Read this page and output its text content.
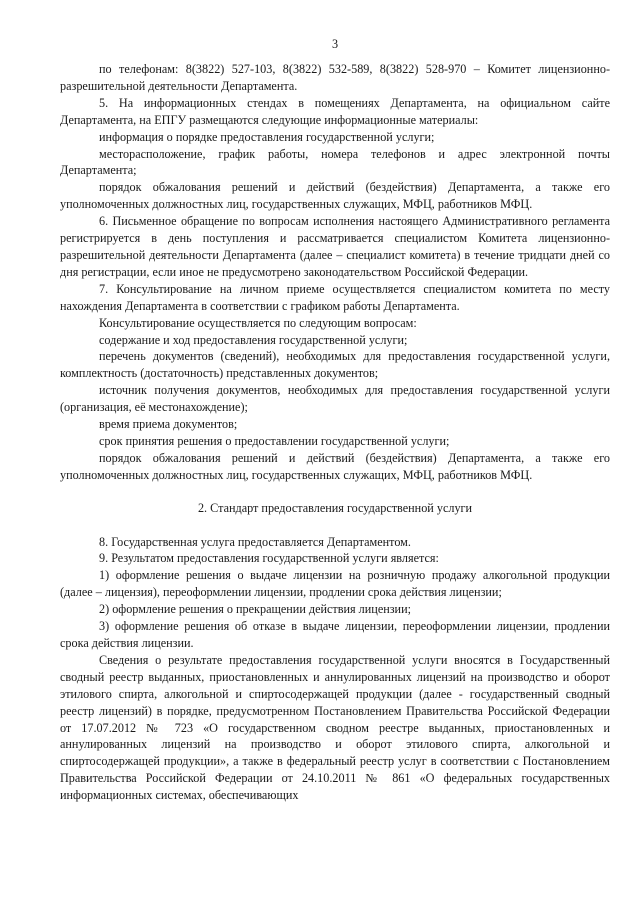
3

по телефонам: 8(3822) 527-103, 8(3822) 532-589, 8(3822) 528-970 – Комитет лицензионно-разрешительной деятельности Департамента.

5. На информационных стендах в помещениях Департамента, на официальном сайте Департамента, на ЕПГУ размещаются следующие информационные материалы:

информация о порядке предоставления государственной услуги;

месторасположение, график работы, номера телефонов и адрес электронной почты Департамента;

порядок обжалования решений и действий (бездействия) Департамента, а также его уполномоченных должностных лиц, государственных служащих, МФЦ, работников МФЦ.

6. Письменное обращение по вопросам исполнения настоящего Административного регламента регистрируется в день поступления и рассматривается специалистом Комитета лицензионно-разрешительной деятельности Департамента (далее – специалист комитета) в течение тридцати дней со дня регистрации, если иное не предусмотрено законодательством Российской Федерации.

7. Консультирование на личном приеме осуществляется специалистом комитета по месту нахождения Департамента в соответствии с графиком работы Департамента.

Консультирование осуществляется по следующим вопросам:

содержание и ход предоставления государственной услуги;

перечень документов (сведений), необходимых для предоставления государственной услуги, комплектность (достаточность) представленных документов;

источник получения документов, необходимых для предоставления государственной услуги (организация, её местонахождение);

время приема документов;

срок принятия решения о предоставлении государственной услуги;

порядок обжалования решений и действий (бездействия) Департамента, а также его уполномоченных должностных лиц, государственных служащих, МФЦ, работников МФЦ.

2. Стандарт предоставления государственной услуги

8. Государственная услуга предоставляется Департаментом.

9. Результатом предоставления государственной услуги является:

1) оформление решения о выдаче лицензии на розничную продажу алкогольной продукции (далее – лицензия), переоформлении лицензии, продлении срока действия лицензии;

2) оформление решения о прекращении действия лицензии;

3) оформление решения об отказе в выдаче лицензии, переоформлении лицензии, продлении срока действия лицензии.

Сведения о результате предоставления государственной услуги вносятся в Государственный сводный реестр выданных, приостановленных и аннулированных лицензий на производство и оборот этилового спирта, алкогольной и спиртосодержащей продукции (далее - государственный сводный реестр лицензий) в порядке, предусмотренном Постановлением Правительства Российской Федерации от 17.07.2012 № 723 «О государственном сводном реестре выданных, приостановленных и аннулированных лицензий на производство и оборот этилового спирта, алкогольной и спиртосодержащей продукции», а также в федеральный реестр услуг в соответствии с Постановлением Правительства Российской Федерации от 24.10.2011 № 861 «О федеральных государственных информационных системах, обеспечивающих
